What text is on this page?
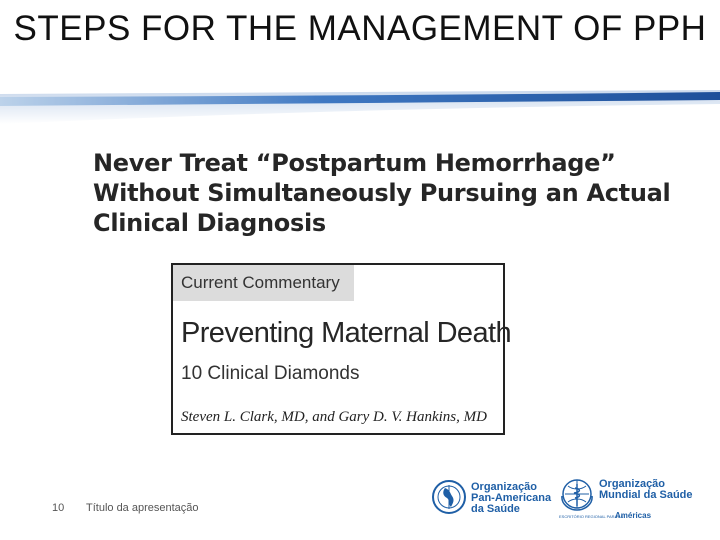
STEPS FOR THE MANAGEMENT OF PPH
Never Treat “Postpartum Hemorrhage”
Without Simultaneously Pursuing an Actual
Clinical Diagnosis
Current Commentary
Preventing Maternal Death
10 Clinical Diamonds
Steven L. Clark, MD, and Gary D. V. Hankins, MD
10 Título da apresentação
Organização
Pan-Americana
da Saúde
Organização
Mundial da Saúde
ESCRITÓRIO REGIONAL PARA AS
Américas
